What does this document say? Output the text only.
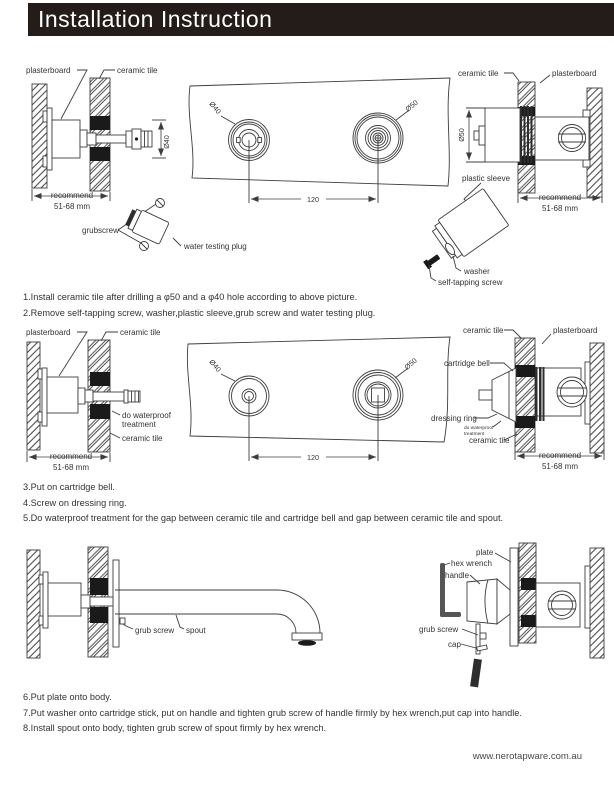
Installation Instruction
Ø40
plasterboard	ceramic tile
recommend
51-68 mm
grubscrew
water testing plug
Ø40	Ø50
120
Ø50
ceramic tile	plasterboard
recommend
51-68 mm
plastic sleeve
washer
self-tapping screw
1.Install ceramic tile after drilling a φ50 and a φ40 hole according to above picture.
2.Remove self-tapping screw, washer,plastic sleeve,grub screw and water testing plug.
plasterboard	ceramic tile
do waterproof
treatment
ceramic tile
recommend
51-68 mm
Ø40	Ø50
120
cartridge bell
dressing ring
do waterproof
treatment
ceramic tile
ceramic tile	plasterboard
recommend
51-68 mm
3.Put on cartridge bell.
4.Screw on dressing ring.
5.Do waterproof treatment for the gap between ceramic tile and cartridge bell and gap between ceramic tile and spout.
grub screw spout
plate
hex wrench
handle
grub screw
cap
6.Put plate onto body.
7.Put washer onto cartridge stick, put on handle and tighten grub screw of handle firmly by hex wrench,put cap into handle.
8.Install spout onto body, tighten grub screw of spout firmly by hex wrench.
www.nerotapware.com.au
